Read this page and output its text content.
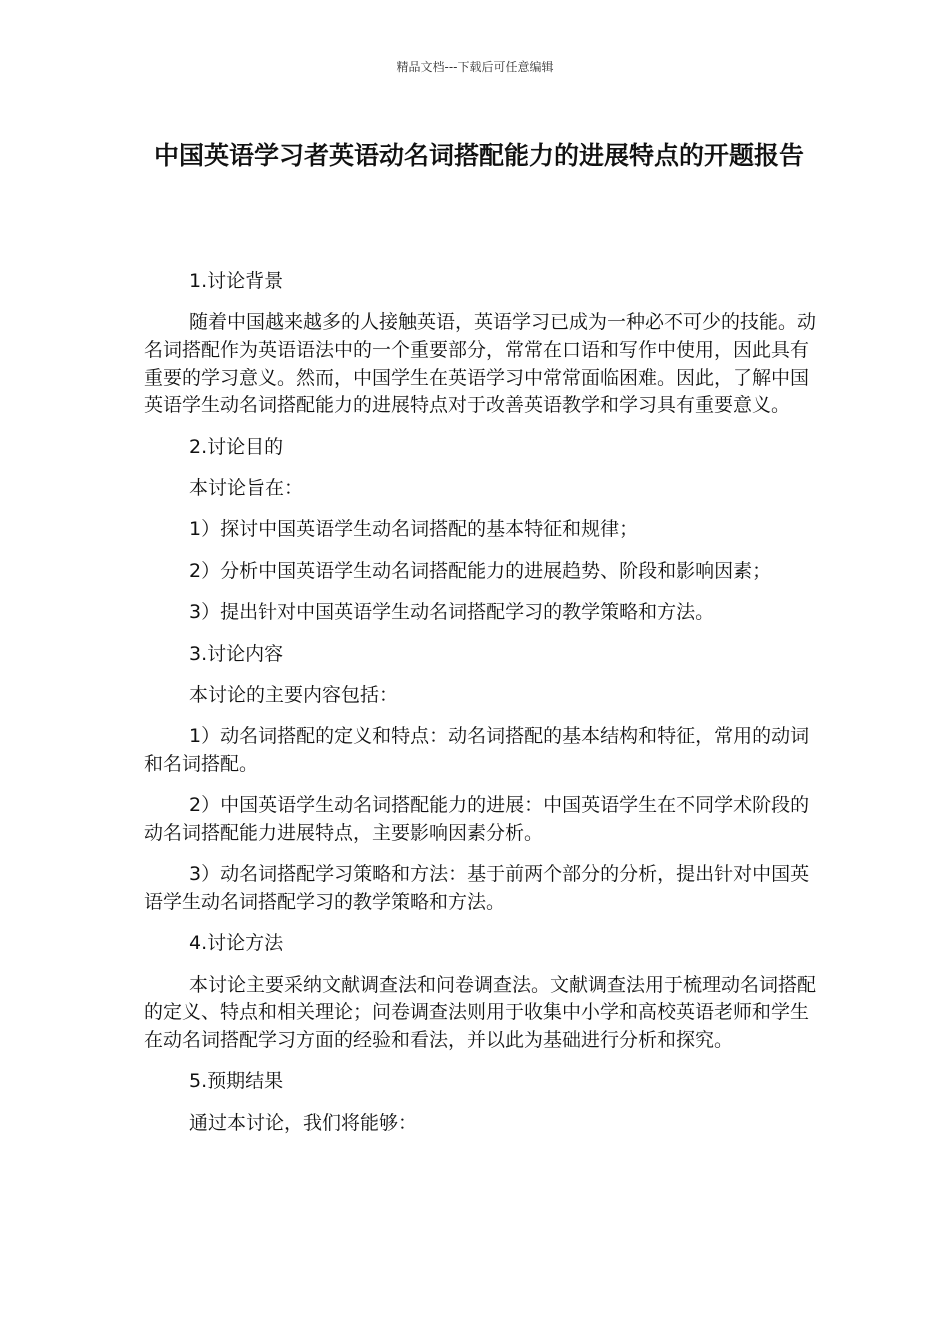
精品文档---下载后可任意编辑
中国英语学习者英语动名词搭配能力的进展特点的开题报告

1.讨论背景

随着中国越来越多的人接触英语，英语学习已成为一种必不可少的技能。动名词搭配作为英语语法中的一个重要部分，常常在口语和写作中使用，因此具有重要的学习意义。然而，中国学生在英语学习中常常面临困难。因此，了解中国英语学生动名词搭配能力的进展特点对于改善英语教学和学习具有重要意义。

2.讨论目的

本讨论旨在：

1）探讨中国英语学生动名词搭配的基本特征和规律；

2）分析中国英语学生动名词搭配能力的进展趋势、阶段和影响因素；

3）提出针对中国英语学生动名词搭配学习的教学策略和方法。

3.讨论内容

本讨论的主要内容包括：

1）动名词搭配的定义和特点：动名词搭配的基本结构和特征，常用的动词和名词搭配。

2）中国英语学生动名词搭配能力的进展：中国英语学生在不同学术阶段的动名词搭配能力进展特点，主要影响因素分析。

3）动名词搭配学习策略和方法：基于前两个部分的分析，提出针对中国英语学生动名词搭配学习的教学策略和方法。

4.讨论方法

本讨论主要采纳文献调查法和问卷调查法。文献调查法用于梳理动名词搭配的定义、特点和相关理论；问卷调查法则用于收集中小学和高校英语老师和学生在动名词搭配学习方面的经验和看法，并以此为基础进行分析和探究。

5.预期结果

通过本讨论，我们将能够：
